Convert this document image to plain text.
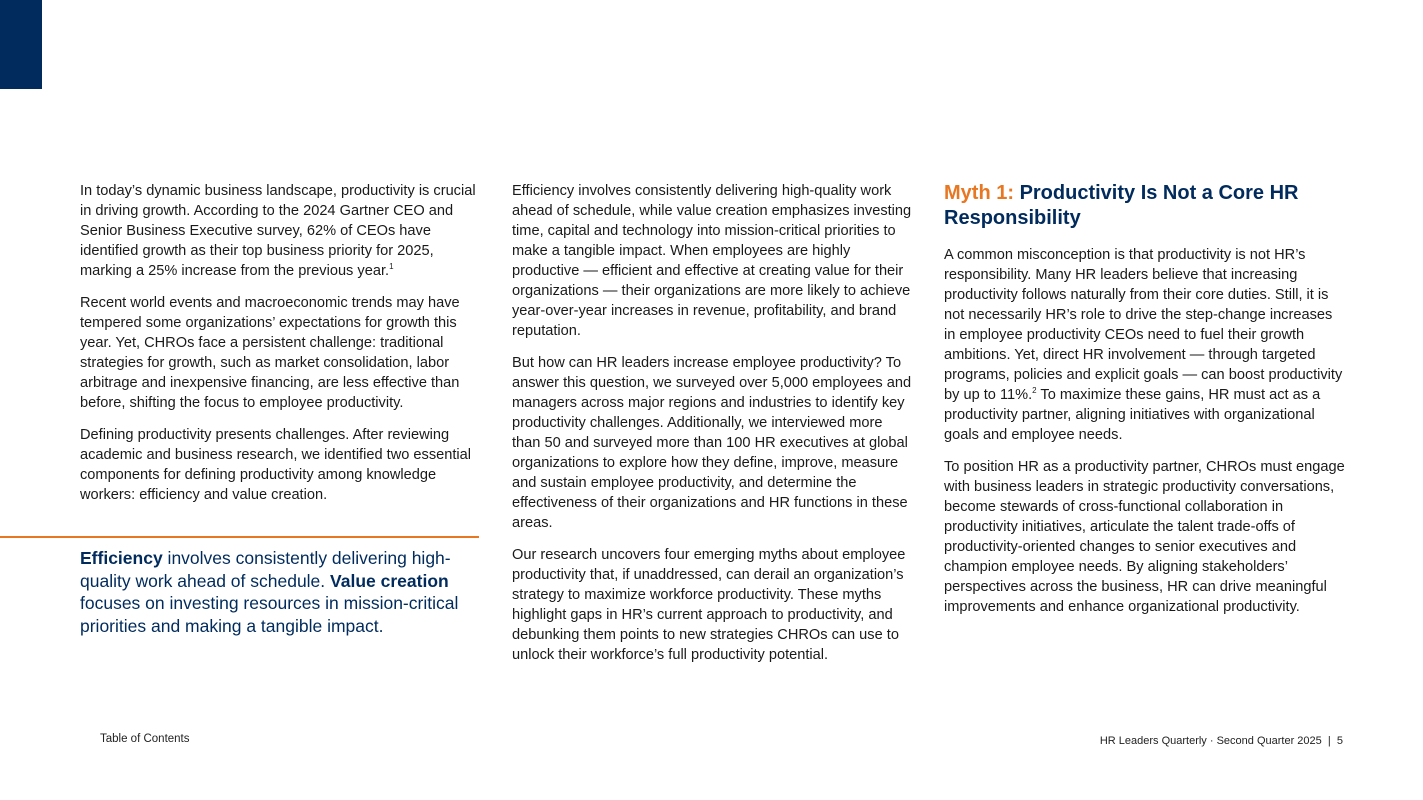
In today’s dynamic business landscape, productivity is crucial in driving growth. According to the 2024 Gartner CEO and Senior Business Executive survey, 62% of CEOs have identified growth as their top business priority for 2025, marking a 25% increase from the previous year.$^1$

Recent world events and macroeconomic trends may have tempered some organizations’ expectations for growth this year. Yet, CHROs face a persistent challenge: traditional strategies for growth, such as market consolidation, labor arbitrage and inexpensive financing, are less effective than before, shifting the focus to employee productivity.

Defining productivity presents challenges. After reviewing academic and business research, we identified two essential components for defining productivity among knowledge workers: efficiency and value creation.

Efficiency involves consistently delivering high-quality work ahead of schedule. Value creation focuses on investing resources in mission-critical priorities and making a tangible impact.

Efficiency involves consistently delivering high-quality work ahead of schedule, while value creation emphasizes investing time, capital and technology into mission-critical priorities to make a tangible impact. When employees are highly productive — efficient and effective at creating value for their organizations — their organizations are more likely to achieve year-over-year increases in revenue, profitability, and brand reputation.

But how can HR leaders increase employee productivity? To answer this question, we surveyed over 5,000 employees and managers across major regions and industries to identify key productivity challenges. Additionally, we interviewed more than 50 and surveyed more than 100 HR executives at global organizations to explore how they define, improve, measure and sustain employee productivity, and determine the effectiveness of their organizations and HR functions in these areas.

Our research uncovers four emerging myths about employee productivity that, if unaddressed, can derail an organization’s strategy to maximize workforce productivity. These myths highlight gaps in HR’s current approach to productivity, and debunking them points to new strategies CHROs can use to unlock their workforce’s full productivity potential.

Myth 1: Productivity Is Not a Core HR Responsibility

A common misconception is that productivity is not HR’s responsibility. Many HR leaders believe that increasing productivity follows naturally from their core duties. Still, it is not necessarily HR’s role to drive the step-change increases in employee productivity CEOs need to fuel their growth ambitions. Yet, direct HR involvement — through targeted programs, policies and explicit goals — can boost productivity by up to 11%.$^2$ To maximize these gains, HR must act as a productivity partner, aligning initiatives with organizational goals and employee needs.

To position HR as a productivity partner, CHROs must engage with business leaders in strategic productivity conversations, become stewards of cross-functional collaboration in productivity initiatives, articulate the talent trade-offs of productivity-oriented changes to senior executives and champion employee needs. By aligning stakeholders’ perspectives across the business, HR can drive meaningful improvements and enhance organizational productivity.

Table of Contents	HR Leaders Quarterly · Second Quarter 2025 | 5
